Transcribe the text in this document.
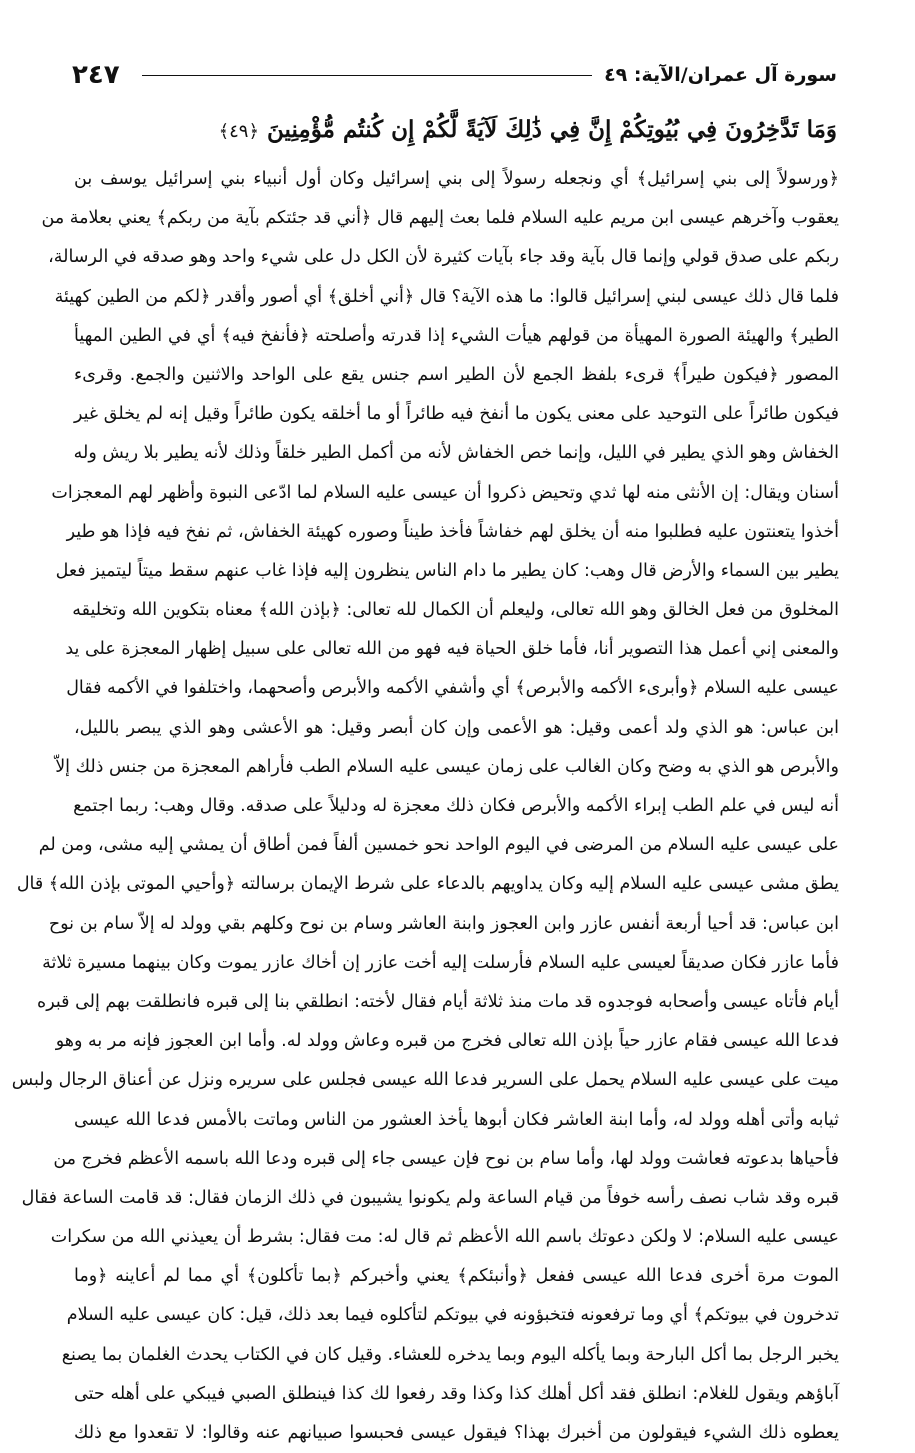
٢٤٧	سورة آل عمران/الآية: ٤٩
وَمَا تَدَّخِرُونَ فِي بُيُوتِكُمْ إِنَّ فِي ذَٰلِكَ لَآيَةً لَّكُمْ إِن كُنتُم مُّؤْمِنِينَ ﴿٤٩﴾
﴿ورسولاً إلى بني إسرائيل﴾ أي ونجعله رسولاً إلى بني إسرائيل وكان أول أنبياء بني إسرائيل يوسف بن
يعقوب وآخرهم عيسى ابن مريم عليه السلام فلما بعث إليهم قال ﴿أني قد جئتكم بآية من ربكم﴾ يعني بعلامة من
ربكم على صدق قولي وإنما قال بآية وقد جاء بآيات كثيرة لأن الكل دل على شيء واحد وهو صدقه في الرسالة،
فلما قال ذلك عيسى لبني إسرائيل قالوا: ما هذه الآية؟ قال ﴿أني أخلق﴾ أي أصور وأقدر ﴿لكم من الطين كهيئة
الطير﴾ والهيئة الصورة المهيأة من قولهم هيأت الشيء إذا قدرته وأصلحته ﴿فأنفخ فيه﴾ أي في الطين المهيأ
المصور ﴿فيكون طيراً﴾ قرىء بلفظ الجمع لأن الطير اسم جنس يقع على الواحد والاثنين والجمع. وقرىء
فيكون طائراً على التوحيد على معنى يكون ما أنفخ فيه طائراً أو ما أخلقه يكون طائراً وقيل إنه لم يخلق غير
الخفاش وهو الذي يطير في الليل، وإنما خص الخفاش لأنه من أكمل الطير خلقاً وذلك لأنه يطير بلا ريش وله
أسنان ويقال: إن الأنثى منه لها ثدي وتحيض ذكروا أن عيسى عليه السلام لما ادّعى النبوة وأظهر لهم المعجزات
أخذوا يتعنتون عليه فطلبوا منه أن يخلق لهم خفاشاً فأخذ طيناً وصوره كهيئة الخفاش، ثم نفخ فيه فإذا هو طير
يطير بين السماء والأرض قال وهب: كان يطير ما دام الناس ينظرون إليه فإذا غاب عنهم سقط ميتاً ليتميز فعل
المخلوق من فعل الخالق وهو الله تعالى، وليعلم أن الكمال لله تعالى: ﴿بإذن الله﴾ معناه بتكوين الله وتخليقه
والمعنى إني أعمل هذا التصوير أنا، فأما خلق الحياة فيه فهو من الله تعالى على سبيل إظهار المعجزة على يد
عيسى عليه السلام ﴿وأبرىء الأكمه والأبرص﴾ أي وأشفي الأكمه والأبرص وأصحهما، واختلفوا في الأكمه فقال
ابن عباس: هو الذي ولد أعمى وقيل: هو الأعمى وإن كان أبصر وقيل: هو الأعشى وهو الذي يبصر بالليل،
والأبرص هو الذي به وضح وكان الغالب على زمان عيسى عليه السلام الطب فأراهم المعجزة من جنس ذلك إلاّ
أنه ليس في علم الطب إبراء الأكمه والأبرص فكان ذلك معجزة له ودليلاً على صدقه. وقال وهب: ربما اجتمع
على عيسى عليه السلام من المرضى في اليوم الواحد نحو خمسين ألفاً فمن أطاق أن يمشي إليه مشى، ومن لم
يطق مشى عيسى عليه السلام إليه وكان يداويهم بالدعاء على شرط الإيمان برسالته ﴿وأحيي الموتى بإذن الله﴾ قال
ابن عباس: قد أحيا أربعة أنفس عازر وابن العجوز وابنة العاشر وسام بن نوح وكلهم بقي وولد له إلاّ سام بن نوح
فأما عازر فكان صديقاً لعيسى عليه السلام فأرسلت إليه أخت عازر إن أخاك عازر يموت وكان بينهما مسيرة ثلاثة
أيام فأتاه عيسى وأصحابه فوجدوه قد مات منذ ثلاثة أيام فقال لأخته: انطلقي بنا إلى قبره فانطلقت بهم إلى قبره
فدعا الله عيسى فقام عازر حياً بإذن الله تعالى فخرج من قبره وعاش وولد له. وأما ابن العجوز فإنه مر به وهو
ميت على عيسى عليه السلام يحمل على السرير فدعا الله عيسى فجلس على سريره ونزل عن أعناق الرجال ولبس
ثيابه وأتى أهله وولد له، وأما ابنة العاشر فكان أبوها يأخذ العشور من الناس وماتت بالأمس فدعا الله عيسى
فأحياها بدعوته فعاشت وولد لها، وأما سام بن نوح فإن عيسى جاء إلى قبره ودعا الله باسمه الأعظم فخرج من
قبره وقد شاب نصف رأسه خوفاً من قيام الساعة ولم يكونوا يشيبون في ذلك الزمان فقال: قد قامت الساعة فقال
عيسى عليه السلام: لا ولكن دعوتك باسم الله الأعظم ثم قال له: مت فقال: بشرط أن يعيذني الله من سكرات
الموت مرة أخرى فدعا الله عيسى ففعل ﴿وأنبئكم﴾ يعني وأخبركم ﴿بما تأكلون﴾ أي مما لم أعاينه ﴿وما
تدخرون في بيوتكم﴾ أي وما ترفعونه فتخبؤونه في بيوتكم لتأكلوه فيما بعد ذلك، قيل: كان عيسى عليه السلام
يخبر الرجل بما أكل البارحة وبما يأكله اليوم وبما يدخره للعشاء. وقيل كان في الكتاب يحدث الغلمان بما يصنع
آباؤهم ويقول للغلام: انطلق فقد أكل أهلك كذا وكذا وقد رفعوا لك كذا فينطلق الصبي فيبكي على أهله حتى
يعطوه ذلك الشيء فيقولون من أخبرك بهذا؟ فيقول عيسى فحبسوا صبيانهم عنه وقالوا: لا تقعدوا مع ذلك
